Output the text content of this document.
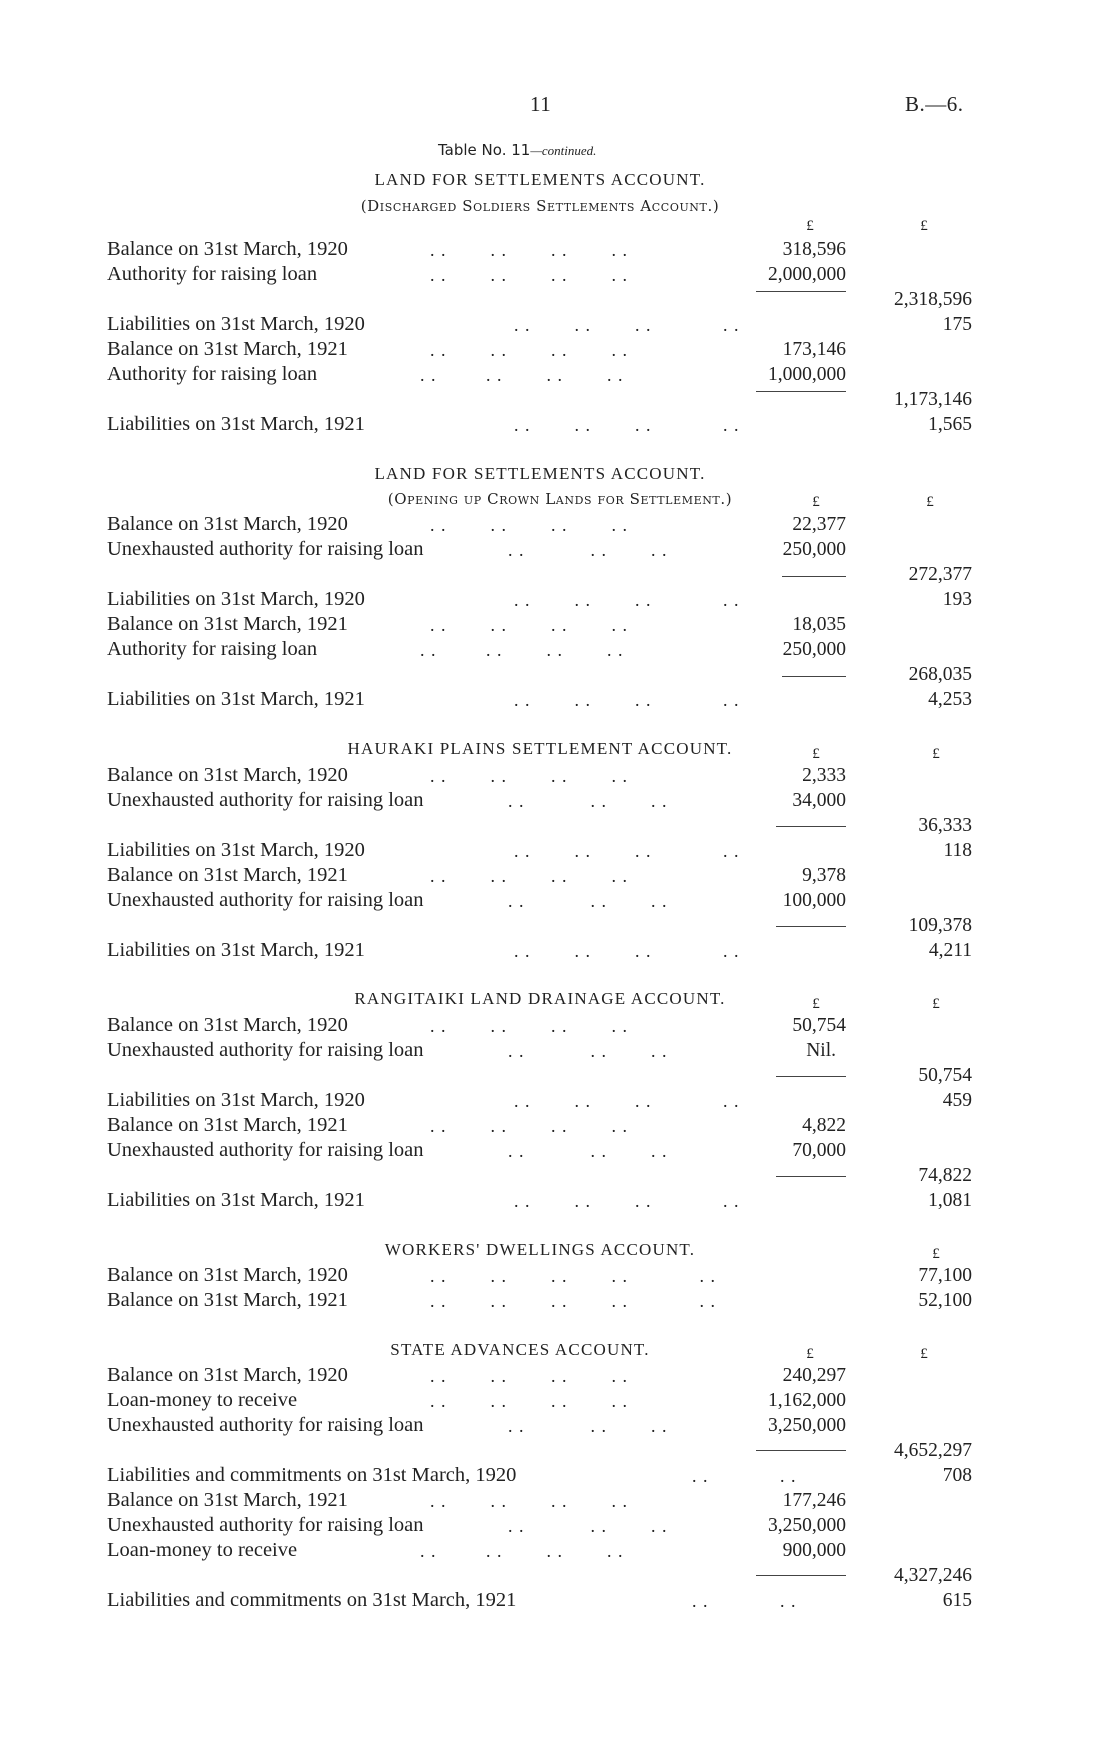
11	B.—6.
Table No. 11—continued.
LAND FOR SETTLEMENTS ACCOUNT.
(Discharged Soldiers Settlements Account.)
£	£
Balance on 31st March, 1920	. .        . .        . .        . .	318,596
Authority for raising loan	. .        . .        . .        . .	2,000,000
2,318,596
Liabilities on 31st March, 1920	. .        . .        . .             . .	175
Balance on 31st March, 1921	. .        . .        . .        . .	173,146
Authority for raising loan	. .         . .        . .        . .	1,000,000
1,173,146
Liabilities on 31st March, 1921	. .        . .        . .             . .	1,565
LAND FOR SETTLEMENTS ACCOUNT.
(Opening up Crown Lands for Settlement.)	£	£
Balance on 31st March, 1920	. .        . .        . .        . .	22,377
Unexhausted authority for raising loan	. .            . .        . .	250,000
272,377
Liabilities on 31st March, 1920	. .        . .        . .             . .	193
Balance on 31st March, 1921	. .        . .        . .        . .	18,035
Authority for raising loan	. .         . .        . .        . .	250,000
268,035
Liabilities on 31st March, 1921	. .        . .        . .             . .	4,253
HAURAKI PLAINS SETTLEMENT ACCOUNT.	£	£
Balance on 31st March, 1920	. .        . .        . .        . .	2,333
Unexhausted authority for raising loan	. .            . .        . .	34,000
36,333
Liabilities on 31st March, 1920	. .        . .        . .             . .	118
Balance on 31st March, 1921	. .        . .        . .        . .	9,378
Unexhausted authority for raising loan	. .            . .        . .	100,000
109,378
Liabilities on 31st March, 1921	. .        . .        . .             . .	4,211
RANGITAIKI LAND DRAINAGE ACCOUNT.	£	£
Balance on 31st March, 1920	. .        . .        . .        . .	50,754
Unexhausted authority for raising loan	. .            . .        . .	Nil.
50,754
Liabilities on 31st March, 1920	. .        . .        . .             . .	459
Balance on 31st March, 1921	. .        . .        . .        . .	4,822
Unexhausted authority for raising loan	. .            . .        . .	70,000
74,822
Liabilities on 31st March, 1921	. .        . .        . .             . .	1,081
WORKERS' DWELLINGS ACCOUNT.	£
Balance on 31st March, 1920	. .        . .        . .        . .             . .	77,100
Balance on 31st March, 1921	. .        . .        . .        . .             . .	52,100
STATE ADVANCES ACCOUNT.	£	£
Balance on 31st March, 1920	. .        . .        . .        . .	240,297
Loan-money to receive	. .        . .        . .        . .	1,162,000
Unexhausted authority for raising loan	. .            . .        . .	3,250,000
4,652,297
Liabilities and commitments on 31st March, 1920	. .             . .	708
Balance on 31st March, 1921	. .        . .        . .        . .	177,246
Unexhausted authority for raising loan	. .            . .        . .	3,250,000
Loan-money to receive	. .         . .        . .        . .	900,000
4,327,246
Liabilities and commitments on 31st March, 1921	. .             . .	615
